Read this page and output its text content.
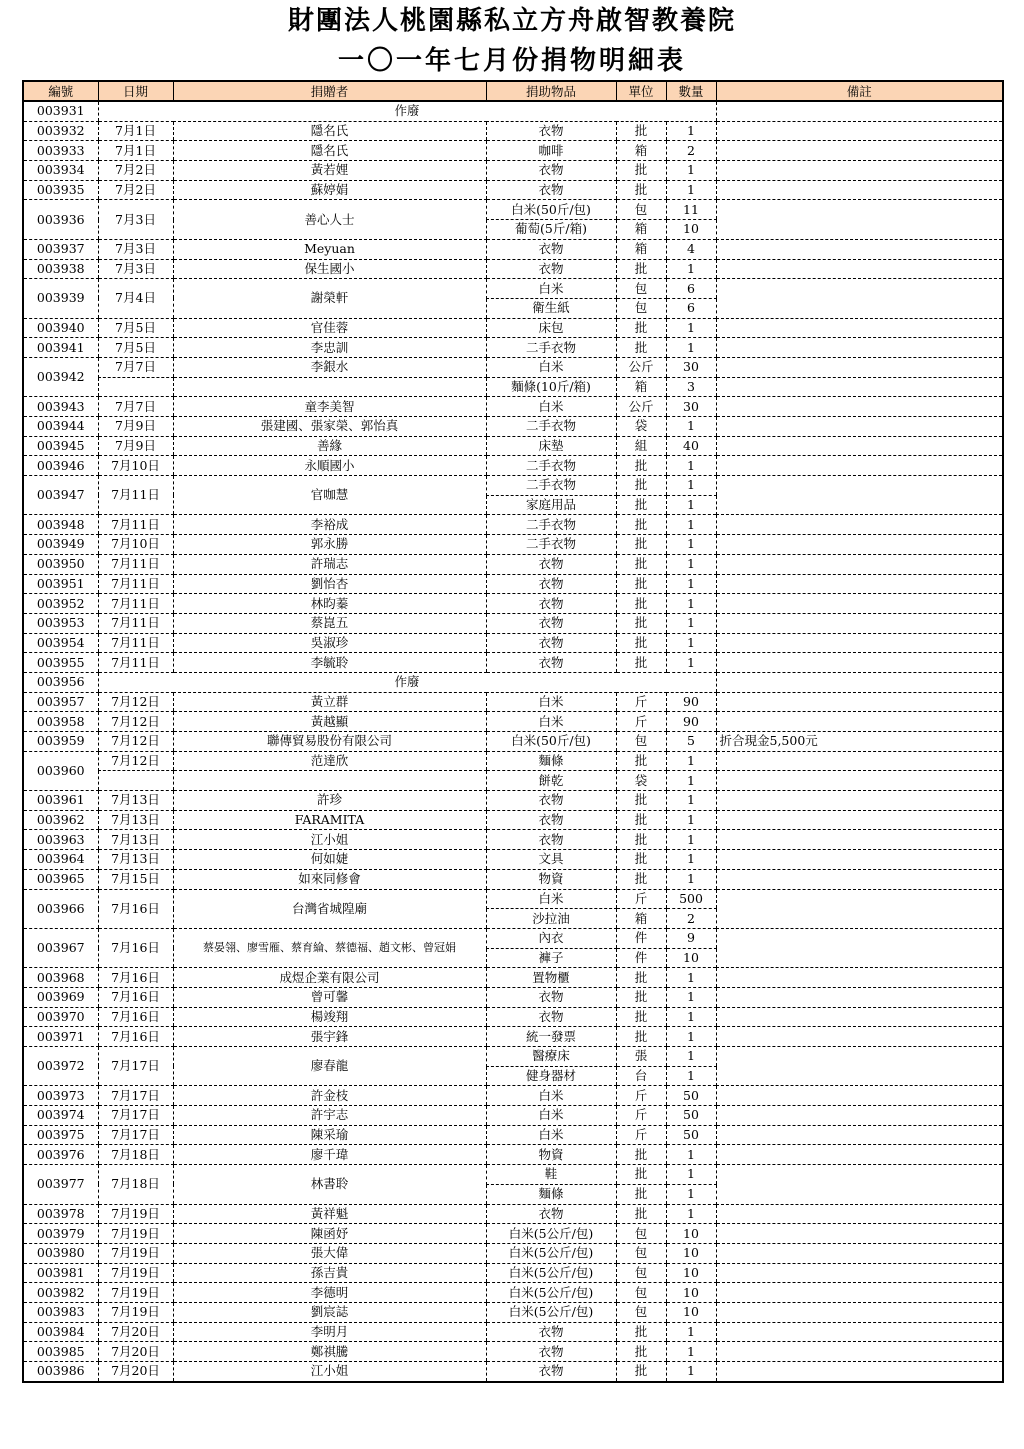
財團法人桃園縣私立方舟啟智教養院
一〇一年七月份捐物明細表
編號	日期	捐贈者	捐助物品	單位	數量	備註
003931	作廢					
003932	7月1日	隱名氏	衣物	批	1	
003933	7月1日	隱名氏	咖啡	箱	2	
003934	7月2日	黃若娌	衣物	批	1	
003935	7月2日	蘇婷娟	衣物	批	1	
003936	7月3日	善心人士	白米(50斤/包)	包	11	
			葡萄(5斤/箱)	箱	10	
003937	7月3日	Meyuan	衣物	箱	4	
003938	7月3日	保生國小	衣物	批	1	
003939	7月4日	謝榮軒	白米	包	6	
			衛生紙	包	6	
003940	7月5日	官佳蓉	床包	批	1	
003941	7月5日	李忠訓	二手衣物	批	1	
003942	7月7日	李銀水	白米	公斤	30	
			麵條(10斤/箱)	箱	3	
003943	7月7日	童李美智	白米	公斤	30	
003944	7月9日	張建國、張家榮、郭怡真	二手衣物	袋	1	
003945	7月9日	善緣	床墊	組	40	
003946	7月10日	永順國小	二手衣物	批	1	
003947	7月11日	官咖慧	二手衣物	批	1	
			家庭用品	批	1	
003948	7月11日	李裕成	二手衣物	批	1	
003949	7月10日	郭永勝	二手衣物	批	1	
003950	7月11日	許瑞志	衣物	批	1	
003951	7月11日	劉怡杏	衣物	批	1	
003952	7月11日	林昀蓁	衣物	批	1	
003953	7月11日	蔡崑五	衣物	批	1	
003954	7月11日	吳淑珍	衣物	批	1	
003955	7月11日	李毓聆	衣物	批	1	
003956	作廢					
003957	7月12日	黃立群	白米	斤	90	
003958	7月12日	黃越顯	白米	斤	90	
003959	7月12日	聯傳貿易股份有限公司	白米(50斤/包)	包	5	折合現金5,500元
003960	7月12日	范達欣	麵條	批	1	
			餅乾	袋	1	
003961	7月13日	許珍	衣物	批	1	
003962	7月13日	FARAMITA	衣物	批	1	
003963	7月13日	江小姐	衣物	批	1	
003964	7月13日	何如婕	文具	批	1	
003965	7月15日	如來同修會	物資	批	1	
003966	7月16日	台灣省城隍廟	白米	斤	500	
			沙拉油	箱	2	
003967	7月16日	蔡晏翎、廖雪雁、蔡育綸、蔡德福、趙文彬、曾冠娟	內衣	件	9	
			褲子	件	10	
003968	7月16日	成煜企業有限公司	置物櫃	批	1	
003969	7月16日	曾可馨	衣物	批	1	
003970	7月16日	楊竣翔	衣物	批	1	
003971	7月16日	張宇鋒	統一發票	批	1	
003972	7月17日	廖春龍	醫療床	張	1	
			健身器材	台	1	
003973	7月17日	許金枝	白米	斤	50	
003974	7月17日	許宇志	白米	斤	50	
003975	7月17日	陳采瑜	白米	斤	50	
003976	7月18日	廖千瑋	物資	批	1	
003977	7月18日	林書聆	鞋	批	1	
			麵條	批	1	
003978	7月19日	黃祥魁	衣物	批	1	
003979	7月19日	陳函妤	白米(5公斤/包)	包	10	
003980	7月19日	張大偉	白米(5公斤/包)	包	10	
003981	7月19日	孫吉貴	白米(5公斤/包)	包	10	
003982	7月19日	李德明	白米(5公斤/包)	包	10	
003983	7月19日	劉宸誌	白米(5公斤/包)	包	10	
003984	7月20日	李明月	衣物	批	1	
003985	7月20日	鄭祺騰	衣物	批	1	
003986	7月20日	江小姐	衣物	批	1	
